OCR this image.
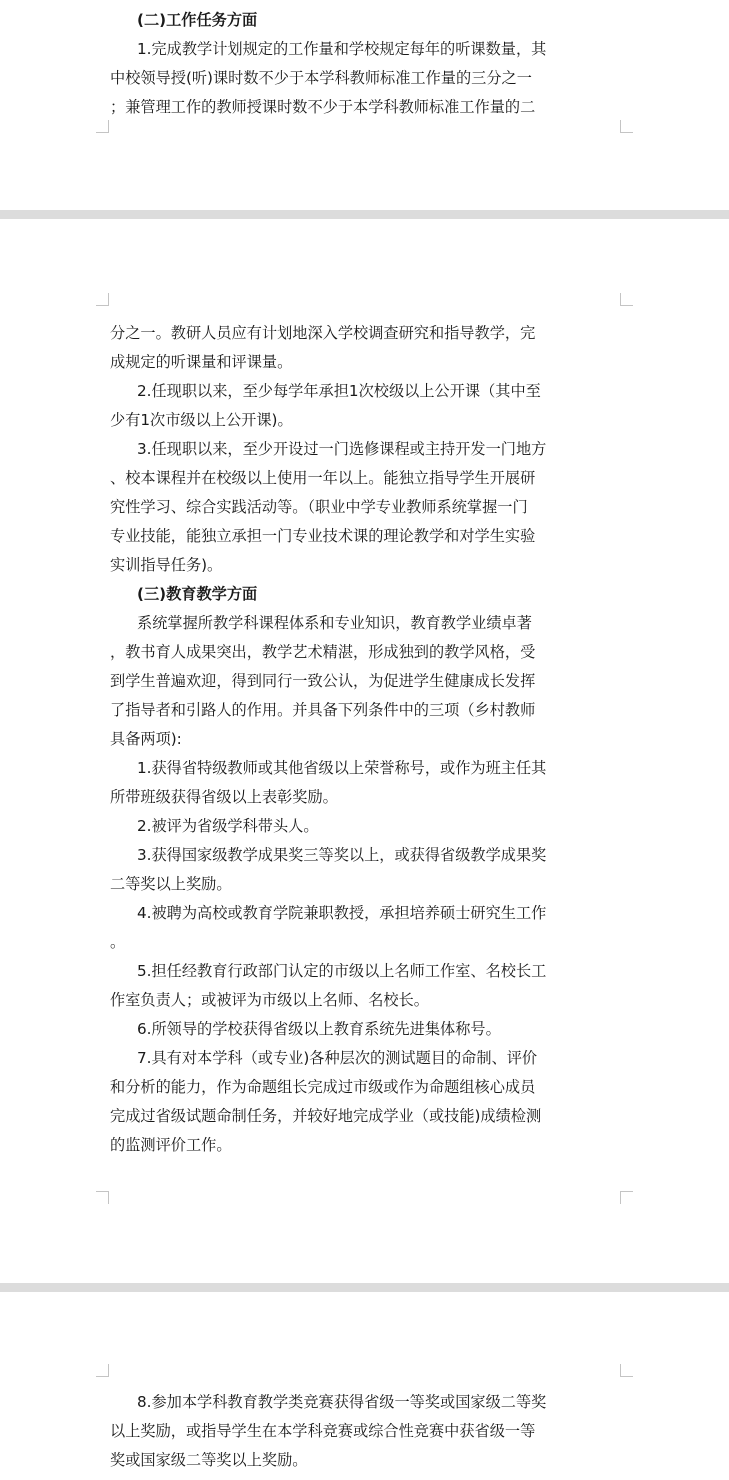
(二)工作任务方面
1.完成教学计划规定的工作量和学校规定每年的听课数量，其
中校领导授(听)课时数不少于本学科教师标准工作量的三分之一
；兼管理工作的教师授课时数不少于本学科教师标准工作量的二
分之一。教研人员应有计划地深入学校调查研究和指导教学，完
成规定的听课量和评课量。
2.任现职以来，至少每学年承担1次校级以上公开课（其中至
少有1次市级以上公开课)。
3.任现职以来，至少开设过一门选修课程或主持开发一门地方
、校本课程并在校级以上使用一年以上。能独立指导学生开展研
究性学习、综合实践活动等。（职业中学专业教师系统掌握一门
专业技能，能独立承担一门专业技术课的理论教学和对学生实验
实训指导任务)。
(三)教育教学方面
系统掌握所教学科课程体系和专业知识，教育教学业绩卓著
，教书育人成果突出，教学艺术精湛，形成独到的教学风格，受
到学生普遍欢迎，得到同行一致公认，为促进学生健康成长发挥
了指导者和引路人的作用。并具备下列条件中的三项（乡村教师
具备两项):
1.获得省特级教师或其他省级以上荣誉称号，或作为班主任其
所带班级获得省级以上表彰奖励。
2.被评为省级学科带头人。
3.获得国家级教学成果奖三等奖以上，或获得省级教学成果奖
二等奖以上奖励。
4.被聘为高校或教育学院兼职教授，承担培养硕士研究生工作
。
5.担任经教育行政部门认定的市级以上名师工作室、名校长工
作室负责人；或被评为市级以上名师、名校长。
6.所领导的学校获得省级以上教育系统先进集体称号。
7.具有对本学科（或专业)各种层次的测试题目的命制、评价
和分析的能力，作为命题组长完成过市级或作为命题组核心成员
完成过省级试题命制任务，并较好地完成学业（或技能)成绩检测
的监测评价工作。
8.参加本学科教育教学类竞赛获得省级一等奖或国家级二等奖
以上奖励，或指导学生在本学科竞赛或综合性竞赛中获省级一等
奖或国家级二等奖以上奖励。
